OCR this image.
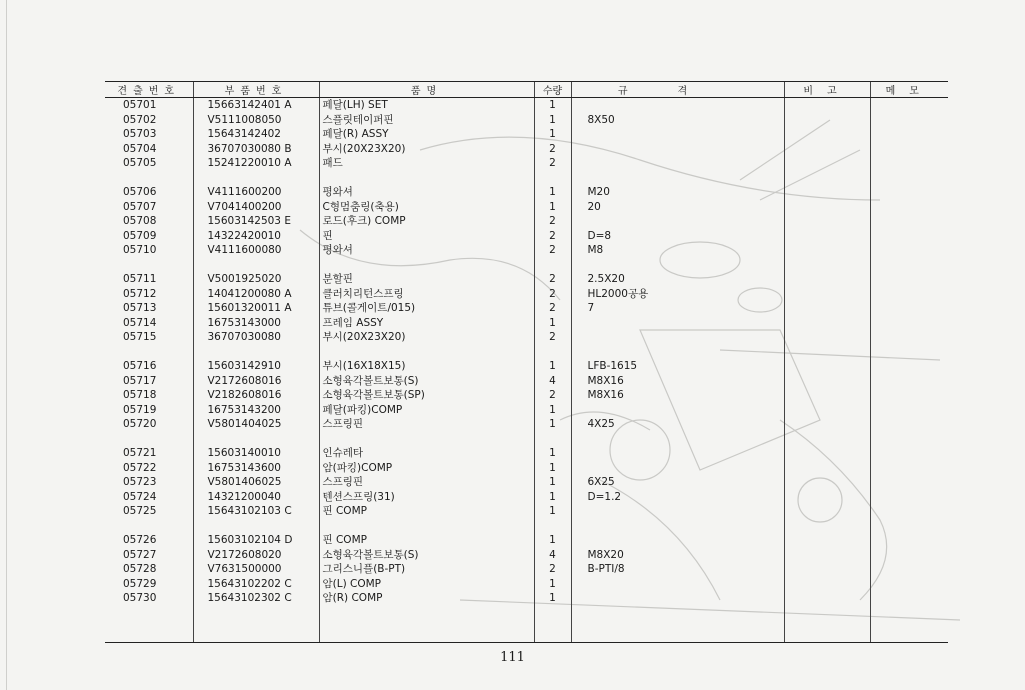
견출번호	부품번호	품명	수량	규격	비고	메모
05701	15663142401 A	페달(LH) SET	1			
05702	V5111008050	스플릿테이퍼핀	1	8X50		
05703	15643142402	페달(R) ASSY	1			
05704	36707030080 B	부시(20X23X20)	2			
05705	15241220010 A	패드	2			

05706	V4111600200	평와셔	1	M20		
05707	V7041400200	C형멈춤링(축용)	1	20		
05708	15603142503 E	로드(후크) COMP	2			
05709	14322420010	핀	2	D=8		
05710	V4111600080	평와셔	2	M8		

05711	V5001925020	분할핀	2	2.5X20		
05712	14041200080 A	클러치리턴스프링	2	HL2000공용		
05713	15601320011 A	튜브(콜게이트/015)	2	7		
05714	16753143000	프레임 ASSY	1			
05715	36707030080	부시(20X23X20)	2			

05716	15603142910	부시(16X18X15)	1	LFB-1615		
05717	V2172608016	소형육각볼트보통(S)	4	M8X16		
05718	V2182608016	소형육각볼트보통(SP)	2	M8X16		
05719	16753143200	페달(파킹)COMP	1			
05720	V5801404025	스프링핀	1	4X25		

05721	15603140010	인슈레타	1			
05722	16753143600	암(파킹)COMP	1			
05723	V5801406025	스프링핀	1	6X25		
05724	14321200040	텐션스프링(31)	1	D=1.2		
05725	15643102103 C	핀 COMP	1			

05726	15603102104 D	핀 COMP	1			
05727	V2172608020	소형육각볼트보통(S)	4	M8X20		
05728	V7631500000	그리스니플(B-PT)	2	B-PTI/8		
05729	15643102202 C	암(L) COMP	1			
05730	15643102302 C	암(R) COMP	1			

111
